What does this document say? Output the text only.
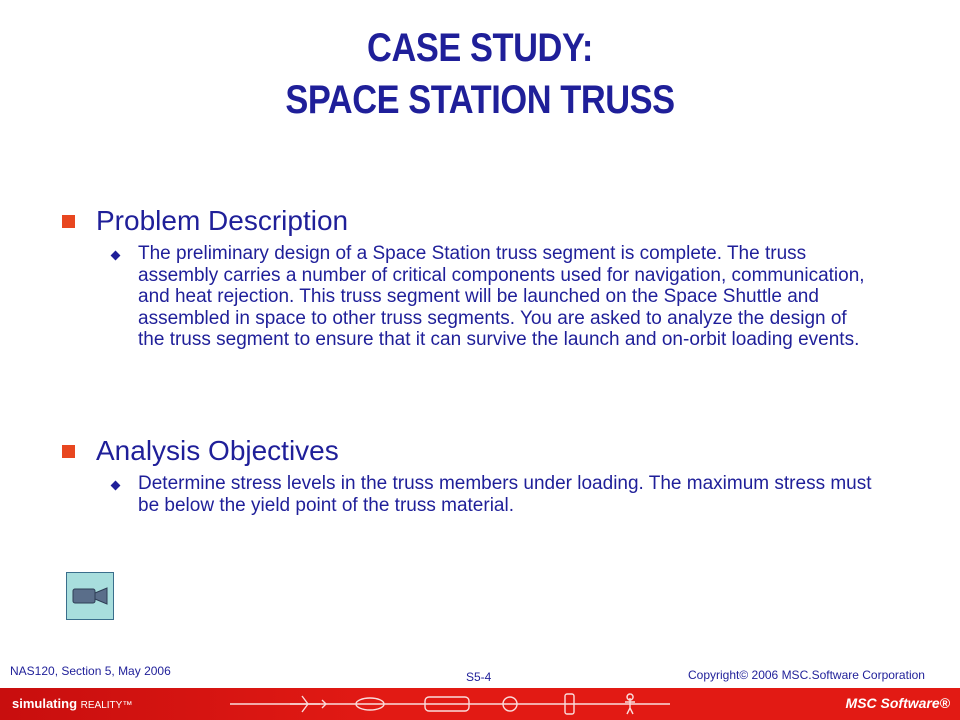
CASE STUDY:
SPACE STATION TRUSS
Problem Description
The preliminary design of a Space Station truss segment is complete. The truss assembly carries a number of critical components used for navigation, communication, and heat rejection. This truss segment will be launched on the Space Shuttle and assembled in space to other truss segments. You are asked to analyze the design of the truss segment to ensure that it can survive the launch and on-orbit loading events.
Analysis Objectives
Determine stress levels in the truss members under loading. The maximum stress must be below the yield point of the truss material.
NAS120, Section 5, May 2006	S5-4	Copyright© 2006 MSC.Software Corporation
simulating REALITY™	MSC Software®
